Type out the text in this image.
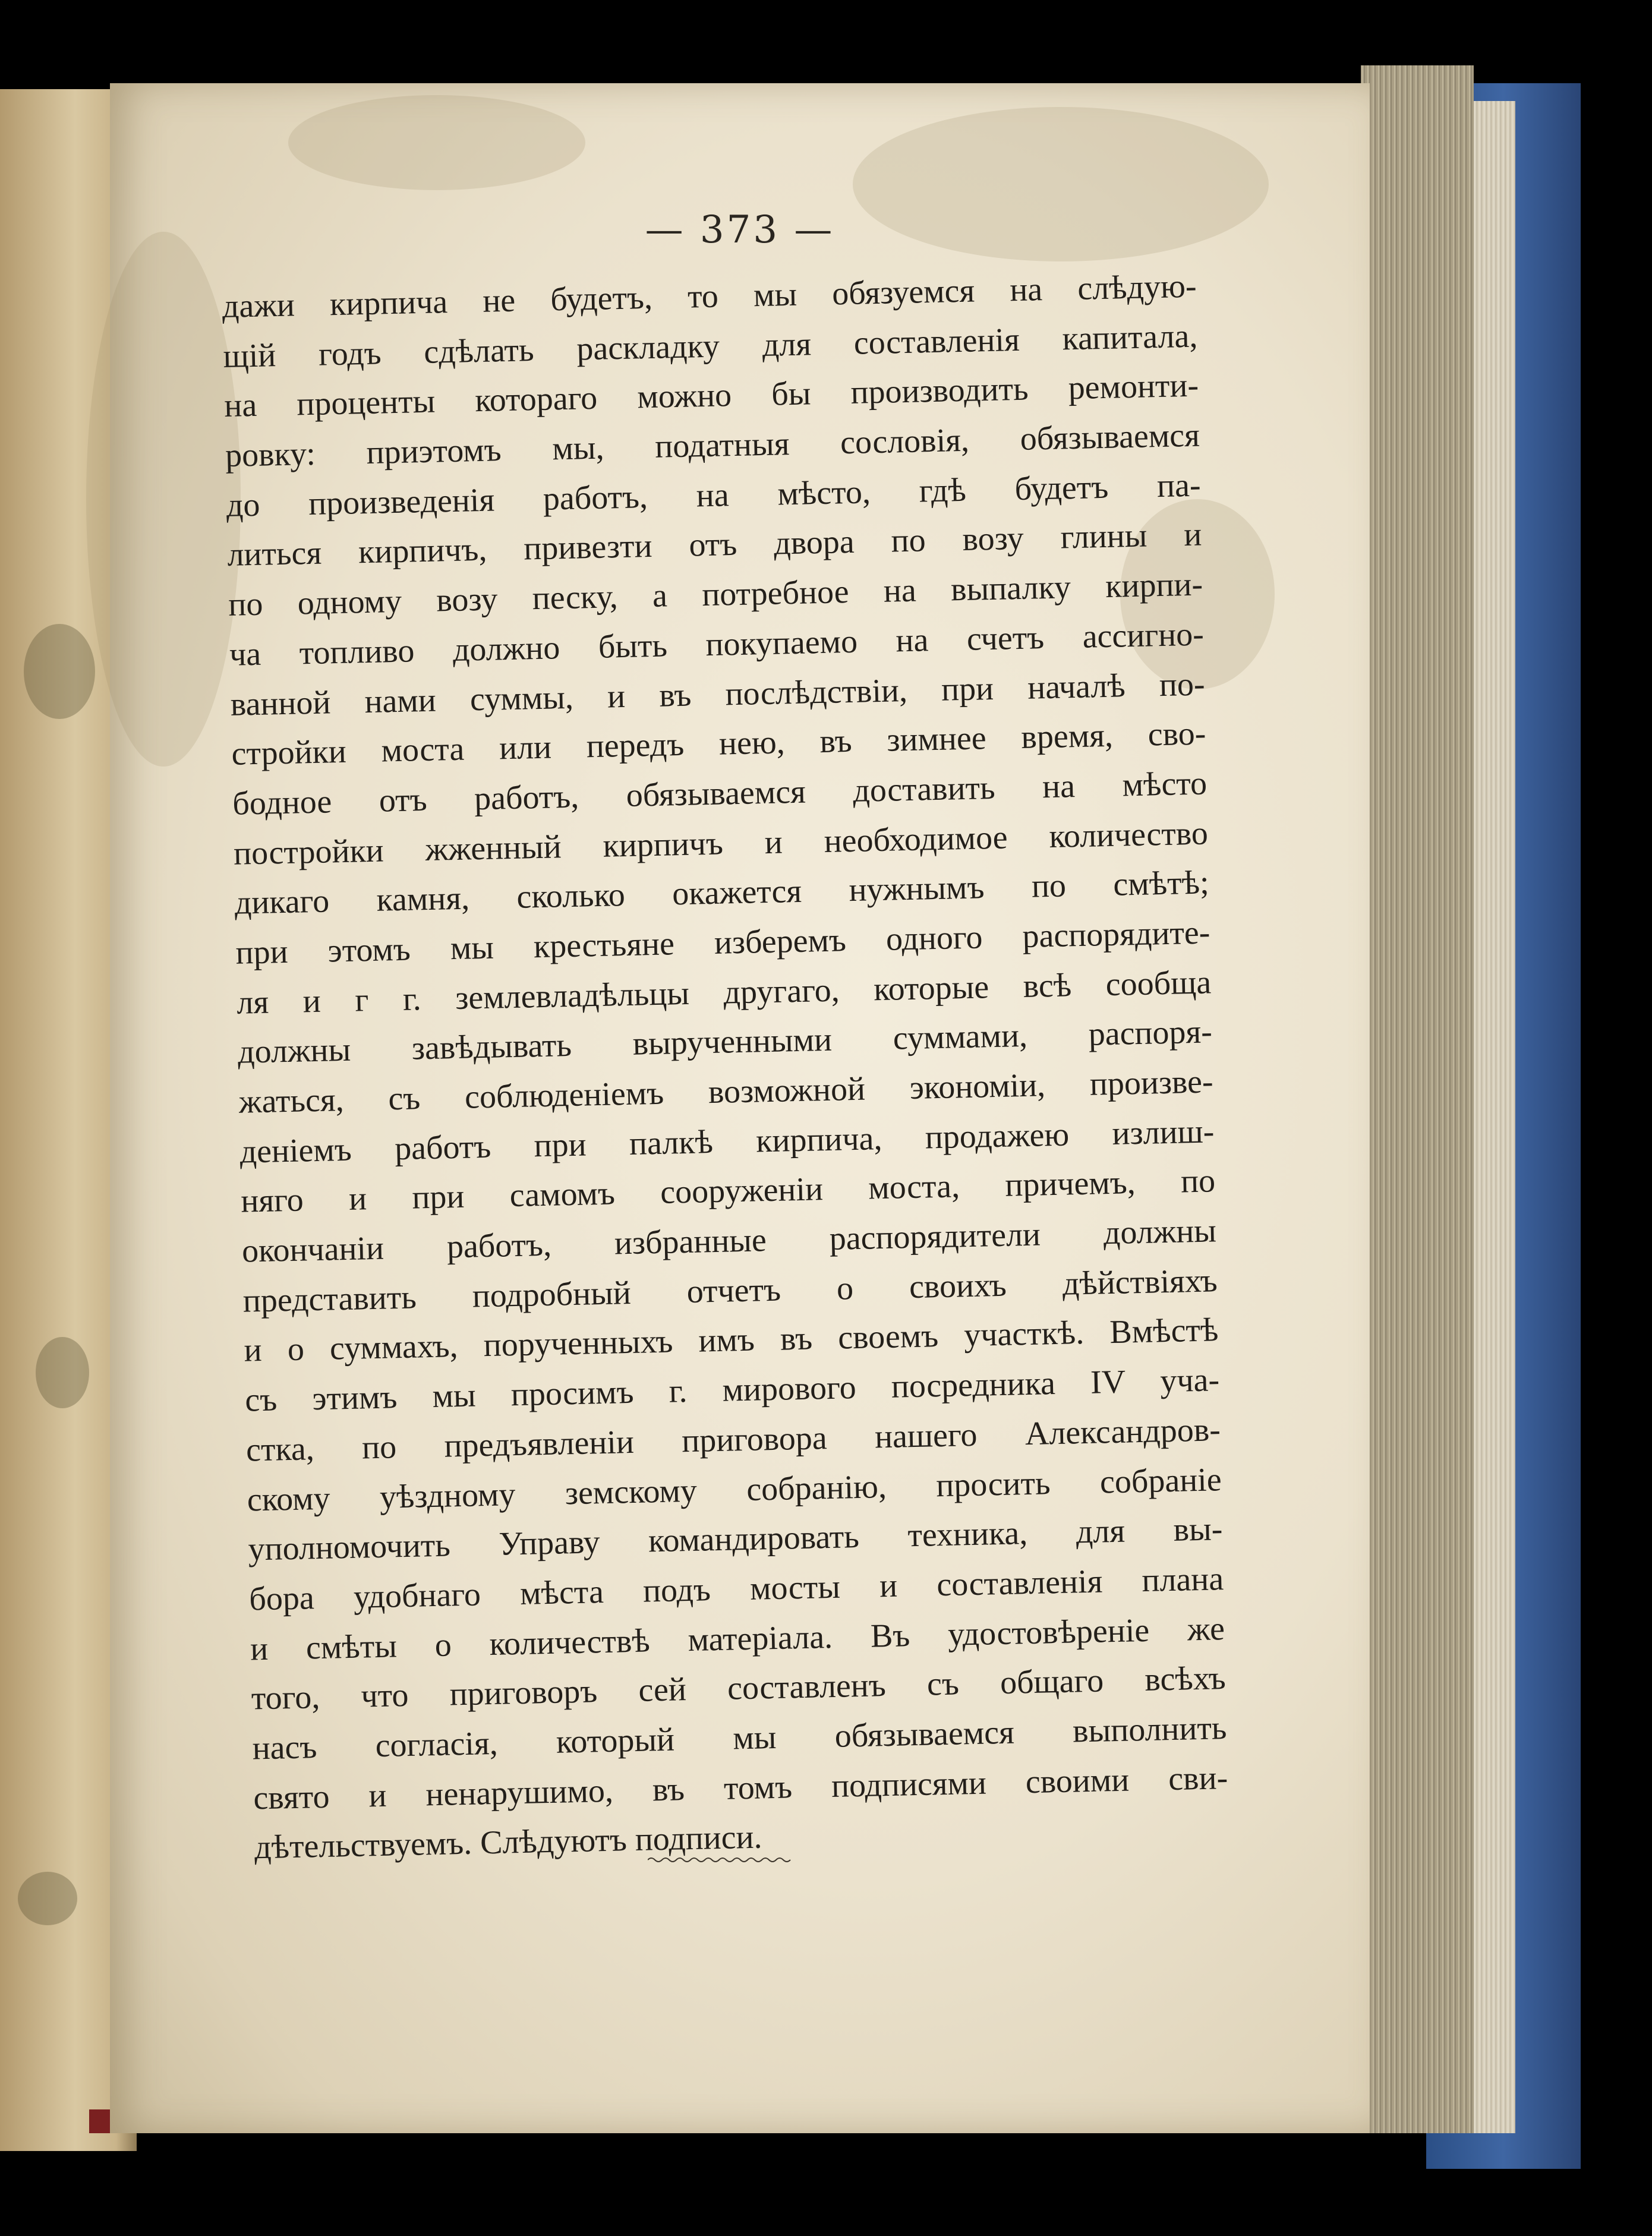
— 373 —
дажи кирпича не будетъ, то мы обязуемся на слѣдую-
щій годъ сдѣлать раскладку для составленія капитала,
на проценты котораго можно бы производить ремонти-
ровку: приэтомъ мы, податныя сословія, обязываемся
до произведенія работъ, на мѣсто, гдѣ будетъ па-
литься кирпичъ, привезти отъ двора по возу глины и
по одному возу песку, а потребное на выпалку кирпи-
ча топливо должно быть покупаемо на счетъ ассигно-
ванной нами суммы, и въ послѣдствіи, при началѣ по-
стройки моста или передъ нею, въ зимнее время, сво-
бодное отъ работъ, обязываемся доставить на мѣсто
постройки жженный кирпичъ и необходимое количество
дикаго камня, сколько окажется нужнымъ по смѣтѣ;
при этомъ мы крестьяне изберемъ одного распорядите-
ля и г г. землевладѣльцы другаго, которые всѣ сообща
должны завѣдывать вырученными суммами, распоря-
жаться, съ соблюденіемъ возможной экономіи, произве-
деніемъ работъ при палкѣ кирпича, продажею излиш-
няго и при самомъ сооруженіи моста, причемъ, по
окончаніи работъ, избранные распорядители должны
представить подробный отчетъ о своихъ дѣйствіяхъ
и о суммахъ, порученныхъ имъ въ своемъ участкѣ. Вмѣстѣ
съ этимъ мы просимъ г. мирового посредника IV уча-
стка, по предъявленіи приговора нашего Александров-
скому уѣздному земскому собранію, просить собраніе
уполномочить Управу командировать техника, для вы-
бора удобнаго мѣста подъ мосты и составленія плана
и смѣты о количествѣ матеріала. Въ удостовѣреніе же
того, что приговоръ сей составленъ съ общаго всѣхъ
насъ согласія, который мы обязываемся выполнить
свято и ненарушимо, въ томъ подписями своими сви-
дѣтельствуемъ. Слѣдуютъ подписи.
